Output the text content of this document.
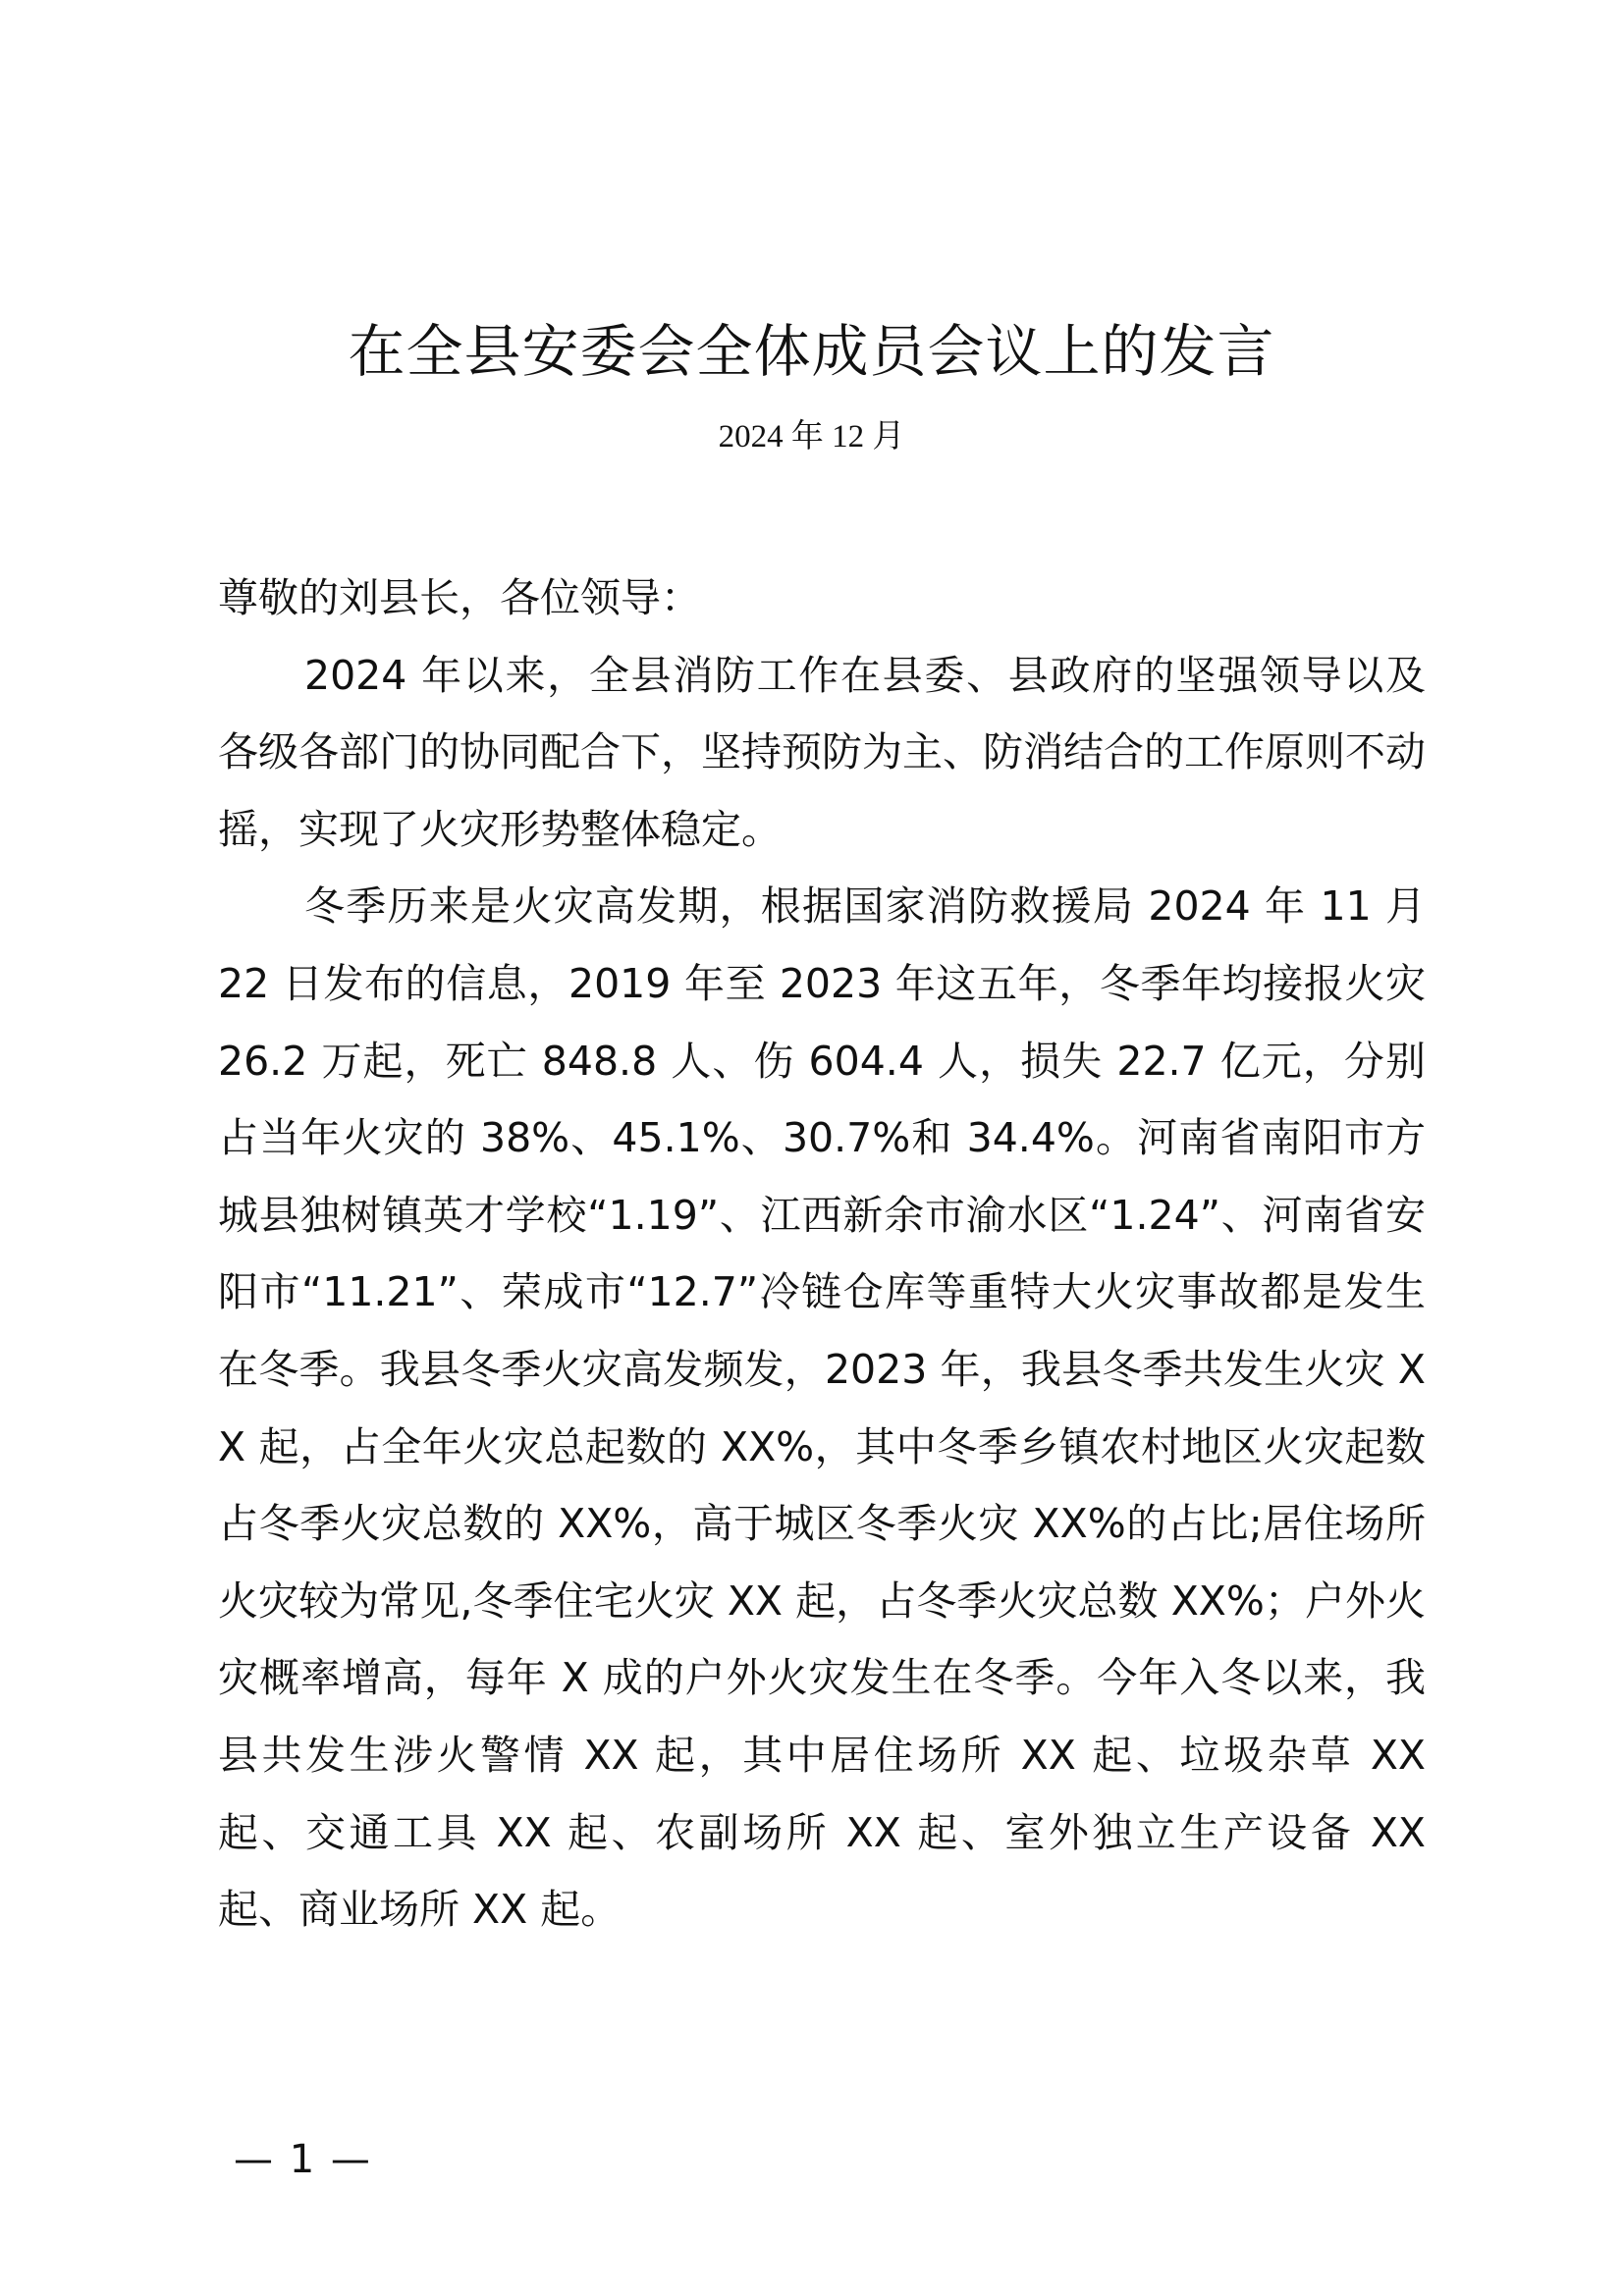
在全县安委会全体成员会议上的发言
2024 年 12 月

尊敬的刘县长，各位领导：

2024 年以来，全县消防工作在县委、县政府的坚强领导以及各级各部门的协同配合下，坚持预防为主、防消结合的工作原则不动摇，实现了火灾形势整体稳定。

冬季历来是火灾高发期，根据国家消防救援局 2024 年 11 月 22 日发布的信息，2019 年至 2023 年这五年，冬季年均接报火灾 26.2 万起，死亡 848.8 人、伤 604.4 人，损失 22.7 亿元，分别占当年火灾的 38%、45.1%、30.7%和 34.4%。河南省南阳市方城县独树镇英才学校“1.19”、江西新余市渝水区“1.24”、河南省安阳市“11.21”、荣成市“12.7”冷链仓库等重特大火灾事故都是发生在冬季。我县冬季火灾高发频发，2023 年，我县冬季共发生火灾 XX 起，占全年火灾总起数的 XX%，其中冬季乡镇农村地区火灾起数占冬季火灾总数的 XX%，高于城区冬季火灾 XX%的占比;居住场所火灾较为常见,冬季住宅火灾 XX 起，占冬季火灾总数 XX%；户外火灾概率增高，每年 X 成的户外火灾发生在冬季。今年入冬以来，我县共发生涉火警情 XX 起，其中居住场所 XX 起、垃圾杂草 XX 起、交通工具 XX 起、农副场所 XX 起、室外独立生产设备 XX 起、商业场所 XX 起。

— 1 —
